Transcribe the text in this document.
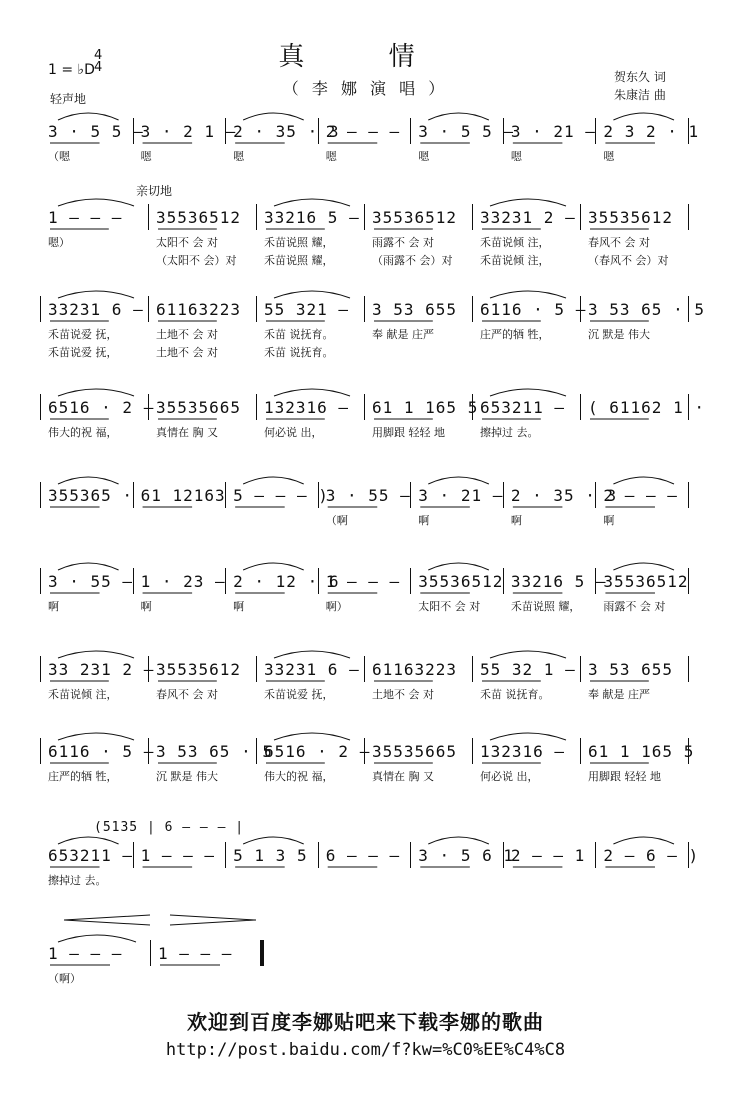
真 情
（ 李 娜 演 唱 ）
1 = ♭D
4
4
轻声地
贺东久 词
朱康洁 曲
亲切地
3 · 5 5 –
（嗯
3 · 2 1 –
嗯
2 · 35 · 3
嗯
2 – – –
嗯
3 · 5 5 –
嗯
3 · 21 –
嗯
2 3 2 · 1
嗯
1 – – –
嗯）
35536512
太阳不 会 对
（太阳不 会）对
33216 5 –
禾苗说照 耀，
禾苗说照 耀，
35536512
雨露不 会 对
（雨露不 会）对
33231 2 –
禾苗说倾 注，
禾苗说倾 注，
35535612
春风不 会 对
（春风不 会）对
33231 6 –
禾苗说爱 抚，
禾苗说爱 抚，
61163223
土地不 会 对
土地不 会 对
55 321 –
禾苗 说抚育。
禾苗 说抚育。
3 53 655
奉 献是 庄严
6116 · 5 –
庄严的牺 牲，
3 53 65 · 5
沉 默是 伟大
6516 · 2 –
伟大的祝 福，
35535665
真情在 胸 又
132316 –
何必说 出，
61 1 165 5
用脚跟 轻轻 地
653211 –
擦掉过 去。
( 61162 1 ·
355365 · 61 12163 5 – – – )
3 · 55 –
（啊
3 · 21 –
啊
2 · 35 · 3
啊
2 – – –
啊
3 · 55 –
啊
1 · 23 –
啊
2 · 12 · 6
啊
1 – – –
啊）
35536512
太阳不 会 对
33216 5 –
禾苗说照 耀，
35536512
雨露不 会 对
33 231 2 –
禾苗说倾 注，
35535612
春风不 会 对
33231 6 –
禾苗说爱 抚，
61163223
土地不 会 对
55 32 1 –
禾苗 说抚育。
3 53 655
奉 献是 庄严
6116 · 5 –
庄严的牺 牲，
3 53 65 · 5
沉 默是 伟大
6516 · 2 –
伟大的祝 福，
35535665
真情在 胸 又
132316 –
何必说 出，
61 1 165 5
用脚跟 轻轻 地
653211 –
擦掉过 去。
1 – – –	5 1 3 5	6 – – –	3 · 5 6 1
2 – – 1	2 – 6 – )
(5135 | 6 – – – |
1 – – –
（啊）
1 – – –
欢迎到百度李娜贴吧来下载李娜的歌曲
http://post.baidu.com/f?kw=%C0%EE%C4%C8
